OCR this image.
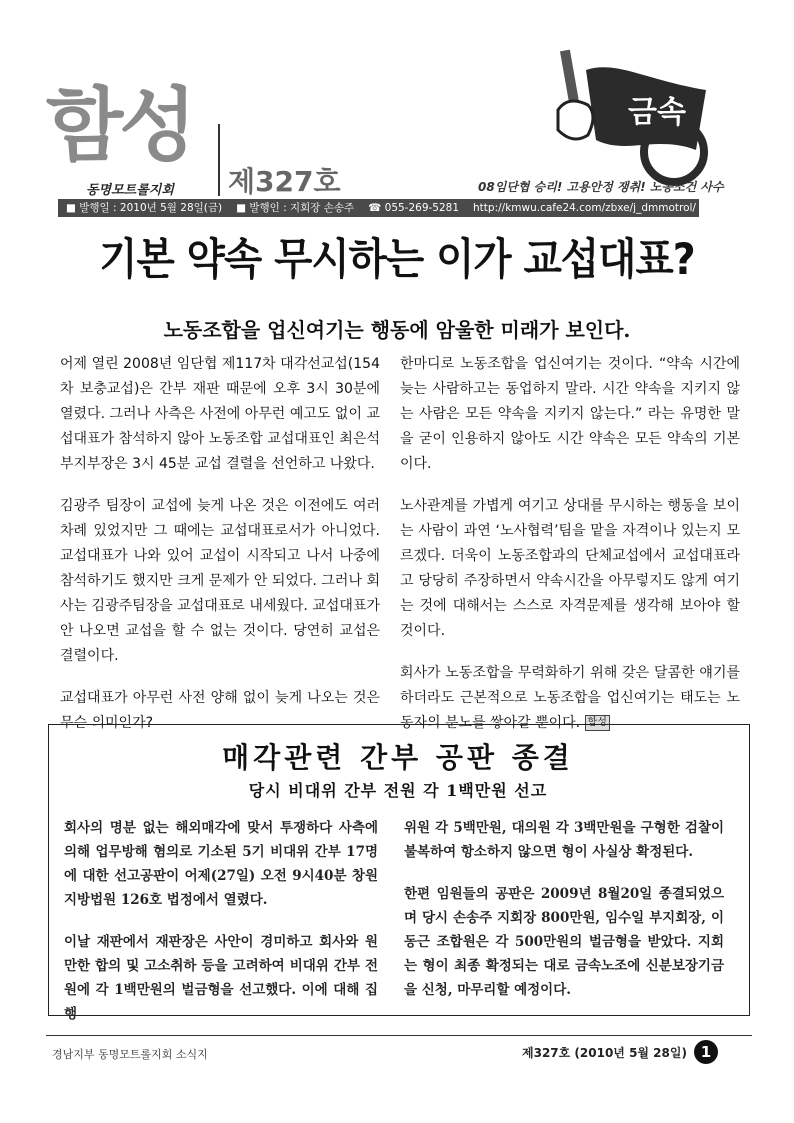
함성
동명모트롤지회 제327호	08임단협 승리! 고용안정 쟁취! 노동조건 사수
금속
■ 발행일 : 2010년 5월 28일(금) ■ 발행인 : 지회장 손송주 ☎ 055-269-5281 http://kmwu.cafe24.com/zbxe/j_dmmotrol/
기본 약속 무시하는 이가 교섭대표?
노동조합을 업신여기는 행동에 암울한 미래가 보인다.

어제 열린 2008년 임단협 제117차 대각선교섭(154차 보충교섭)은 간부 재판 때문에 오후 3시 30분에 열렸다. 그러나 사측은 사전에 아무런 예고도 없이 교섭대표가 참석하지 않아 노동조합 교섭대표인 최은석 부지부장은 3시 45분 교섭 결렬을 선언하고 나왔다.

김광주 팀장이 교섭에 늦게 나온 것은 이전에도 여러 차례 있었지만 그 때에는 교섭대표로서가 아니었다. 교섭대표가 나와 있어 교섭이 시작되고 나서 나중에 참석하기도 했지만 크게 문제가 안 되었다. 그러나 회사는 김광주팀장을 교섭대표로 내세웠다. 교섭대표가 안 나오면 교섭을 할 수 없는 것이다. 당연히 교섭은 결렬이다.

교섭대표가 아무런 사전 양해 없이 늦게 나오는 것은 무슨 의미인가?

한마디로 노동조합을 업신여기는 것이다. “약속 시간에 늦는 사람하고는 동업하지 말라. 시간 약속을 지키지 않는 사람은 모든 약속을 지키지 않는다.” 라는 유명한 말을 굳이 인용하지 않아도 시간 약속은 모든 약속의 기본이다.

노사관계를 가볍게 여기고 상대를 무시하는 행동을 보이는 사람이 과연 ‘노사협력’팀을 맡을 자격이나 있는지 모르겠다. 더욱이 노동조합과의 단체교섭에서 교섭대표라고 당당히 주장하면서 약속시간을 아무렇지도 않게 여기는 것에 대해서는 스스로 자격문제를 생각해 보아야 할 것이다.

회사가 노동조합을 무력화하기 위해 갖은 달콤한 얘기를 하더라도 근본적으로 노동조합을 업신여기는 태도는 노동자의 분노를 쌓아갈 뿐이다. 함성

매각관련 간부 공판 종결
당시 비대위 간부 전원 각 1백만원 선고

회사의 명분 없는 해외매각에 맞서 투쟁하다 사측에 의해 업무방해 혐의로 기소된 5기 비대위 간부 17명에 대한 선고공판이 어제(27일) 오전 9시40분 창원 지방법원 126호 법정에서 열렸다.

이날 재판에서 재판장은 사안이 경미하고 회사와 원만한 합의 및 고소취하 등을 고려하여 비대위 간부 전원에 각 1백만원의 벌금형을 선고했다. 이에 대해 집행

위원 각 5백만원, 대의원 각 3백만원을 구형한 검찰이 불복하여 항소하지 않으면 형이 사실상 확정된다.

한편 임원들의 공판은 2009년 8월20일 종결되었으며 당시 손송주 지회장 800만원, 임수일 부지회장, 이동근 조합원은 각 500만원의 벌금형을 받았다. 지회는 형이 최종 확정되는 대로 금속노조에 신분보장기금을 신청, 마무리할 예정이다.

경남지부 동명모트롤지회 소식지	제327호 (2010년 5월 28일) 1
